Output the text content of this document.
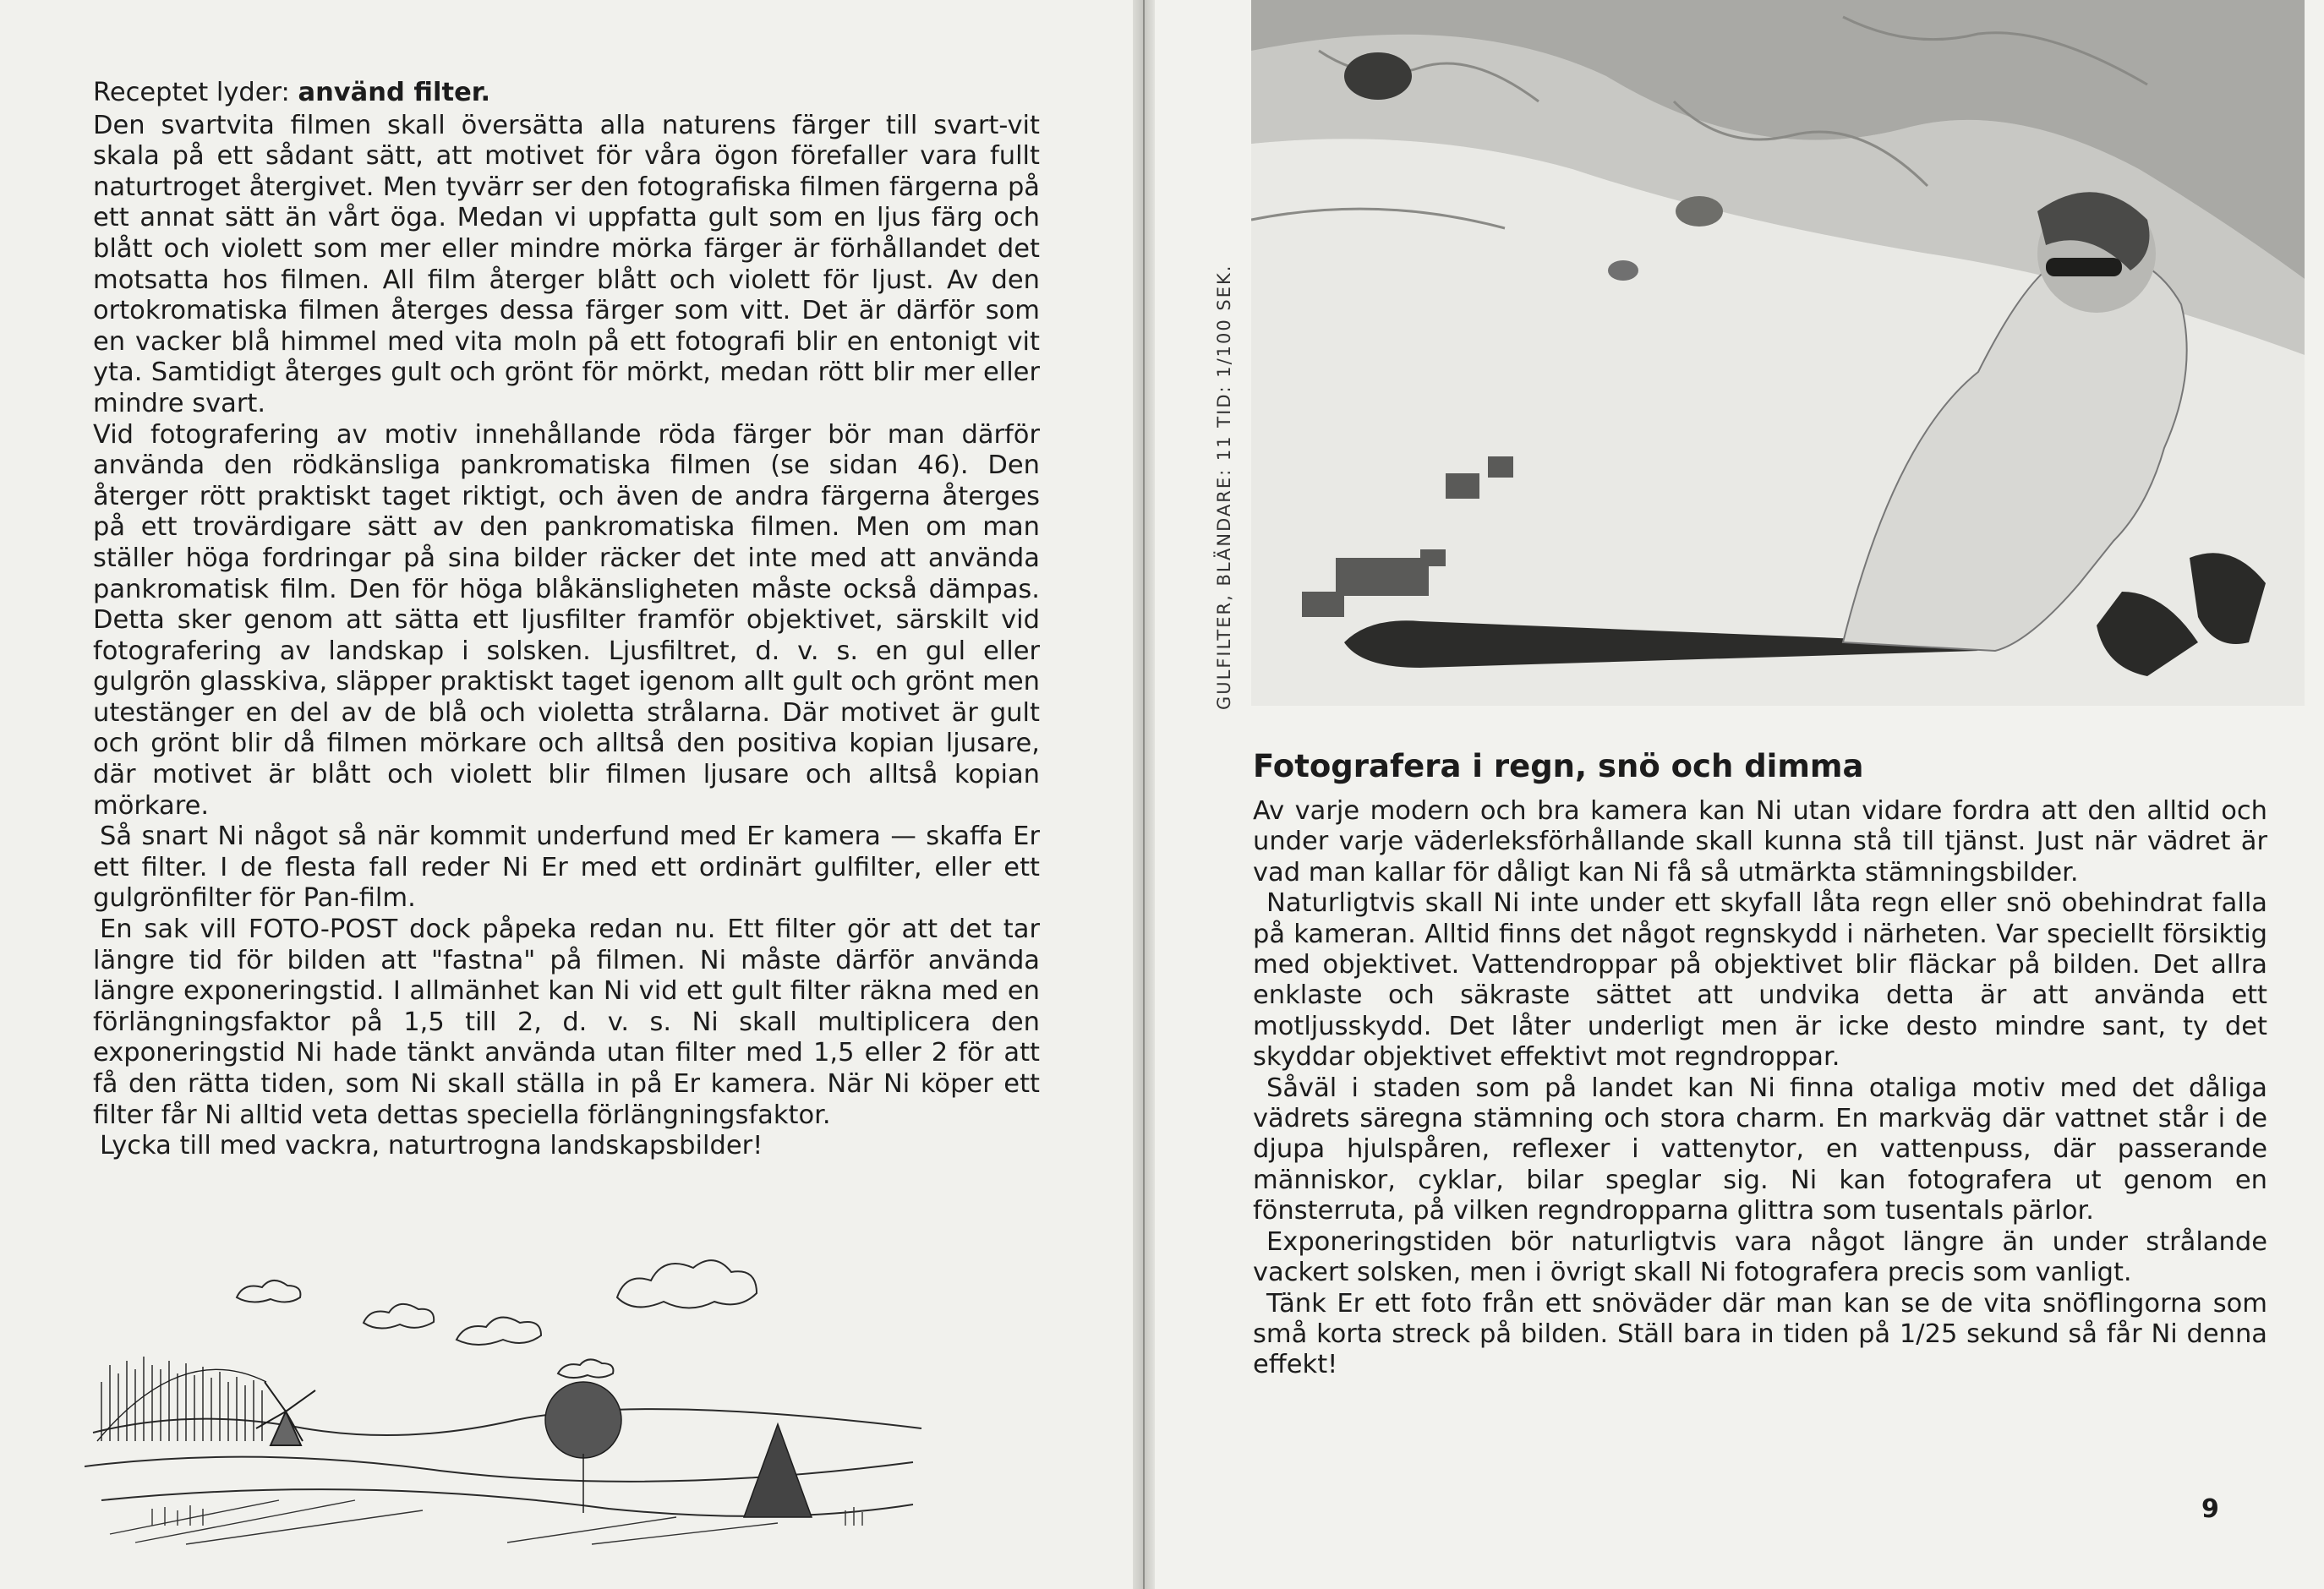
Receptet lyder: använd filter.

Den svartvita filmen skall översätta alla naturens färger till svart-vit skala på ett sådant sätt, att motivet för våra ögon förefaller vara fullt naturtroget återgivet. Men tyvärr ser den fotografiska filmen färgerna på ett annat sätt än vårt öga. Medan vi uppfatta gult som en ljus färg och blått och violett som mer eller mindre mörka färger är förhållandet det motsatta hos filmen. All film återger blått och violett för ljust. Av den ortokromatiska filmen återges dessa färger som vitt. Det är därför som en vacker blå himmel med vita moln på ett fotografi blir en entonigt vit yta. Samtidigt återges gult och grönt för mörkt, medan rött blir mer eller mindre svart.

Vid fotografering av motiv innehållande röda färger bör man därför använda den rödkänsliga pankromatiska filmen (se sidan 46). Den återger rött praktiskt taget riktigt, och även de andra färgerna återges på ett trovärdigare sätt av den pankromatiska filmen. Men om man ställer höga fordringar på sina bilder räcker det inte med att använda pankromatisk film. Den för höga blåkänsligheten måste också dämpas. Detta sker genom att sätta ett ljusfilter framför objektivet, särskilt vid fotografering av landskap i solsken. Ljusfiltret, d. v. s. en gul eller gulgrön glasskiva, släpper praktiskt taget igenom allt gult och grönt men utestänger en del av de blå och violetta strålarna. Där motivet är gult och grönt blir då filmen mörkare och alltså den positiva kopian ljusare, där motivet är blått och violett blir filmen ljusare och alltså kopian mörkare.

Så snart Ni något så när kommit underfund med Er kamera — skaffa Er ett filter. I de flesta fall reder Ni Er med ett ordinärt gulfilter, eller ett gulgrönfilter för Pan-film.

En sak vill FOTO-POST dock påpeka redan nu. Ett filter gör att det tar längre tid för bilden att "fastna" på filmen. Ni måste därför använda längre exponeringstid. I allmänhet kan Ni vid ett gult filter räkna med en förlängningsfaktor på 1,5 till 2, d. v. s. Ni skall multiplicera den exponeringstid Ni hade tänkt använda utan filter med 1,5 eller 2 för att få den rätta tiden, som Ni skall ställa in på Er kamera. När Ni köper ett filter får Ni alltid veta dettas speciella förlängningsfaktor.

Lycka till med vackra, naturtrogna landskapsbilder!

GULFILTER, BLÄNDARE: 11 TID: 1/100 SEK.
Fotografera i regn, snö och dimma

Av varje modern och bra kamera kan Ni utan vidare fordra att den alltid och under varje väderleksförhållande skall kunna stå till tjänst. Just när vädret är vad man kallar för dåligt kan Ni få så utmärkta stämningsbilder.

Naturligtvis skall Ni inte under ett skyfall låta regn eller snö obehindrat falla på kameran. Alltid finns det något regnskydd i närheten. Var speciellt försiktig med objektivet. Vattendroppar på objektivet blir fläckar på bilden. Det allra enklaste och säkraste sättet att undvika detta är att använda ett motljusskydd. Det låter underligt men är icke desto mindre sant, ty det skyddar objektivet effektivt mot regndroppar.

Såväl i staden som på landet kan Ni finna otaliga motiv med det dåliga vädrets säregna stämning och stora charm. En markväg där vattnet står i de djupa hjulspåren, reflexer i vattenytor, en vattenpuss, där passerande människor, cyklar, bilar speglar sig. Ni kan fotografera ut genom en fönsterruta, på vilken regndropparna glittra som tusentals pärlor.

Exponeringstiden bör naturligtvis vara något längre än under strålande vackert solsken, men i övrigt skall Ni fotografera precis som vanligt.

Tänk Er ett foto från ett snöväder där man kan se de vita snöflingorna som små korta streck på bilden. Ställ bara in tiden på 1/25 sekund så får Ni denna effekt!

9
